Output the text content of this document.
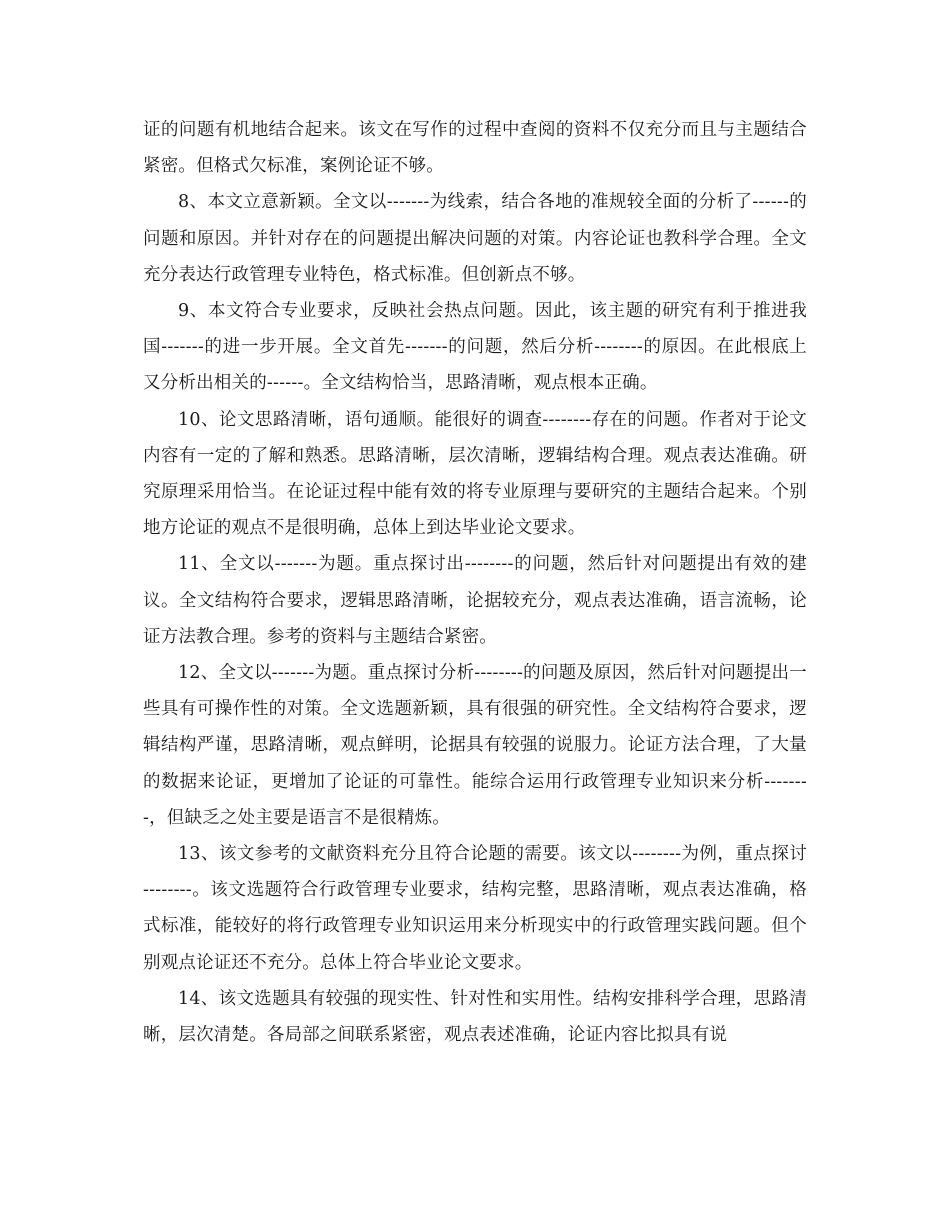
证的问题有机地结合起来。该文在写作的过程中查阅的资料不仅充分而且与主题结合紧密。但格式欠标准，案例论证不够。

8、本文立意新颖。全文以-------为线索，结合各地的准规较全面的分析了------的问题和原因。并针对存在的问题提出解决问题的对策。内容论证也教科学合理。全文充分表达行政管理专业特色，格式标准。但创新点不够。

9、本文符合专业要求，反映社会热点问题。因此，该主题的研究有利于推进我国-------的进一步开展。全文首先-------的问题，然后分析--------的原因。在此根底上又分析出相关的------。全文结构恰当，思路清晰，观点根本正确。

10、论文思路清晰，语句通顺。能很好的调查--------存在的问题。作者对于论文内容有一定的了解和熟悉。思路清晰，层次清晰，逻辑结构合理。观点表达准确。研究原理采用恰当。在论证过程中能有效的将专业原理与要研究的主题结合起来。个别地方论证的观点不是很明确，总体上到达毕业论文要求。

11、全文以-------为题。重点探讨出--------的问题，然后针对问题提出有效的建议。全文结构符合要求，逻辑思路清晰，论据较充分，观点表达准确，语言流畅，论证方法教合理。参考的资料与主题结合紧密。

12、全文以-------为题。重点探讨分析--------的问题及原因，然后针对问题提出一些具有可操作性的对策。全文选题新颖，具有很强的研究性。全文结构符合要求，逻辑结构严谨，思路清晰，观点鲜明，论据具有较强的说服力。论证方法合理，了大量的数据来论证，更增加了论证的可靠性。能综合运用行政管理专业知识来分析--------，但缺乏之处主要是语言不是很精炼。

13、该文参考的文献资料充分且符合论题的需要。该文以--------为例，重点探讨 --------。该文选题符合行政管理专业要求，结构完整，思路清晰，观点表达准确，格式标准，能较好的将行政管理专业知识运用来分析现实中的行政管理实践问题。但个别观点论证还不充分。总体上符合毕业论文要求。

14、该文选题具有较强的现实性、针对性和实用性。结构安排科学合理，思路清晰，层次清楚。各局部之间联系紧密，观点表述准确，论证内容比拟具有说
